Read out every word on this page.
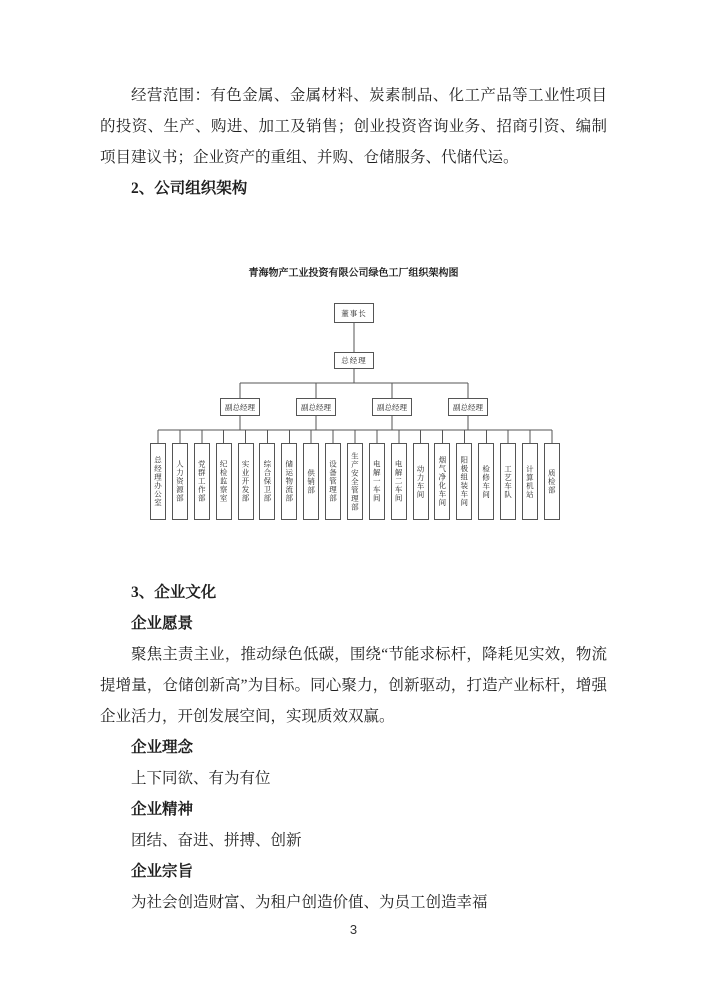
经营范围：有色金属、金属材料、炭素制品、化工产品等工业性项目的投资、生产、购进、加工及销售；创业投资咨询业务、招商引资、编制项目建议书；企业资产的重组、并购、仓储服务、代储代运。

2、公司组织架构
青海物产工业投资有限公司绿色工厂组织架构图
董事长
总经理
副总经理	副总经理	副总经理	副总经理
总经理办公室	人力资源部	党群工作部	纪检监察室	实业开发部	综合保卫部	储运物流部	供销部	设备管理部	生产安全管理部	电解一车间	电解二车间	动力车间	烟气净化车间	阳极组装车间	检修车间	工艺车队	计算机站	质检部
3、企业文化
企业愿景

聚焦主责主业，推动绿色低碳，围绕“节能求标杆，降耗见实效，物流提增量，仓储创新高”为目标。同心聚力，创新驱动，打造产业标杆，增强企业活力，开创发展空间，实现质效双赢。

企业理念

上下同欲、有为有位

企业精神

团结、奋进、拼搏、创新

企业宗旨

为社会创造财富、为租户创造价值、为员工创造幸福

3
